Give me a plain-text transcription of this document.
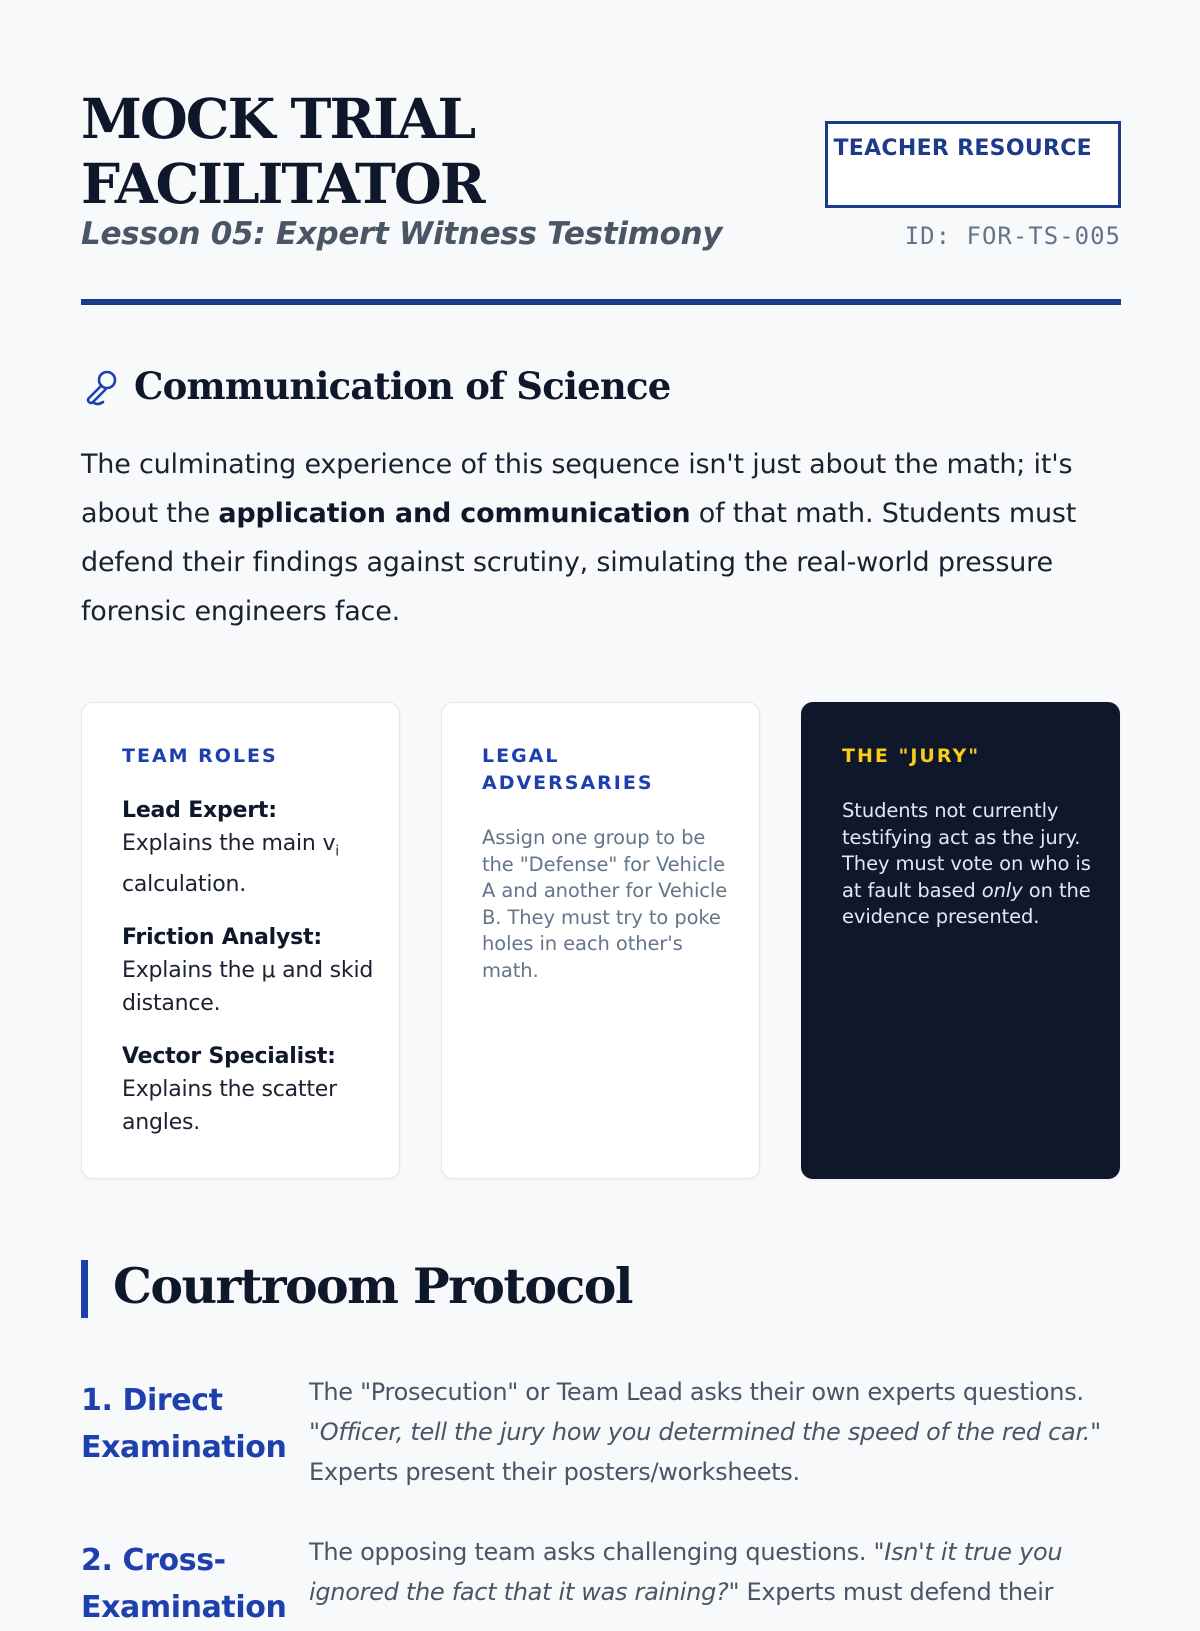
MOCK TRIAL FACILITATOR
Lesson 05: Expert Witness Testimony
TEACHER RESOURCE
ID: FOR-TS-005
Communication of Science

The culminating experience of this sequence isn't just about the math; it's about the application and communication of that math. Students must defend their findings against scrutiny, simulating the real-world pressure forensic engineers face.

TEAM ROLES
Lead Expert:
Explains the main $v_i$ calculation.
Friction Analyst:
Explains the μ and skid distance.
Vector Specialist:
Explains the scatter angles.
LEGAL ADVERSARIES
Assign one group to be the "Defense" for Vehicle A and another for Vehicle B. They must try to poke holes in each other's math.
THE "JURY"
Students not currently testifying act as the jury. They must vote on who is at fault based only on the evidence presented.
Courtroom Protocol
1. Direct Examination
The "Prosecution" or Team Lead asks their own experts questions. "Officer, tell the jury how you determined the speed of the red car." Experts present their posters/worksheets.
2. Cross-Examination
The opposing team asks challenging questions. "Isn't it true you ignored the fact that it was raining?" Experts must defend their
